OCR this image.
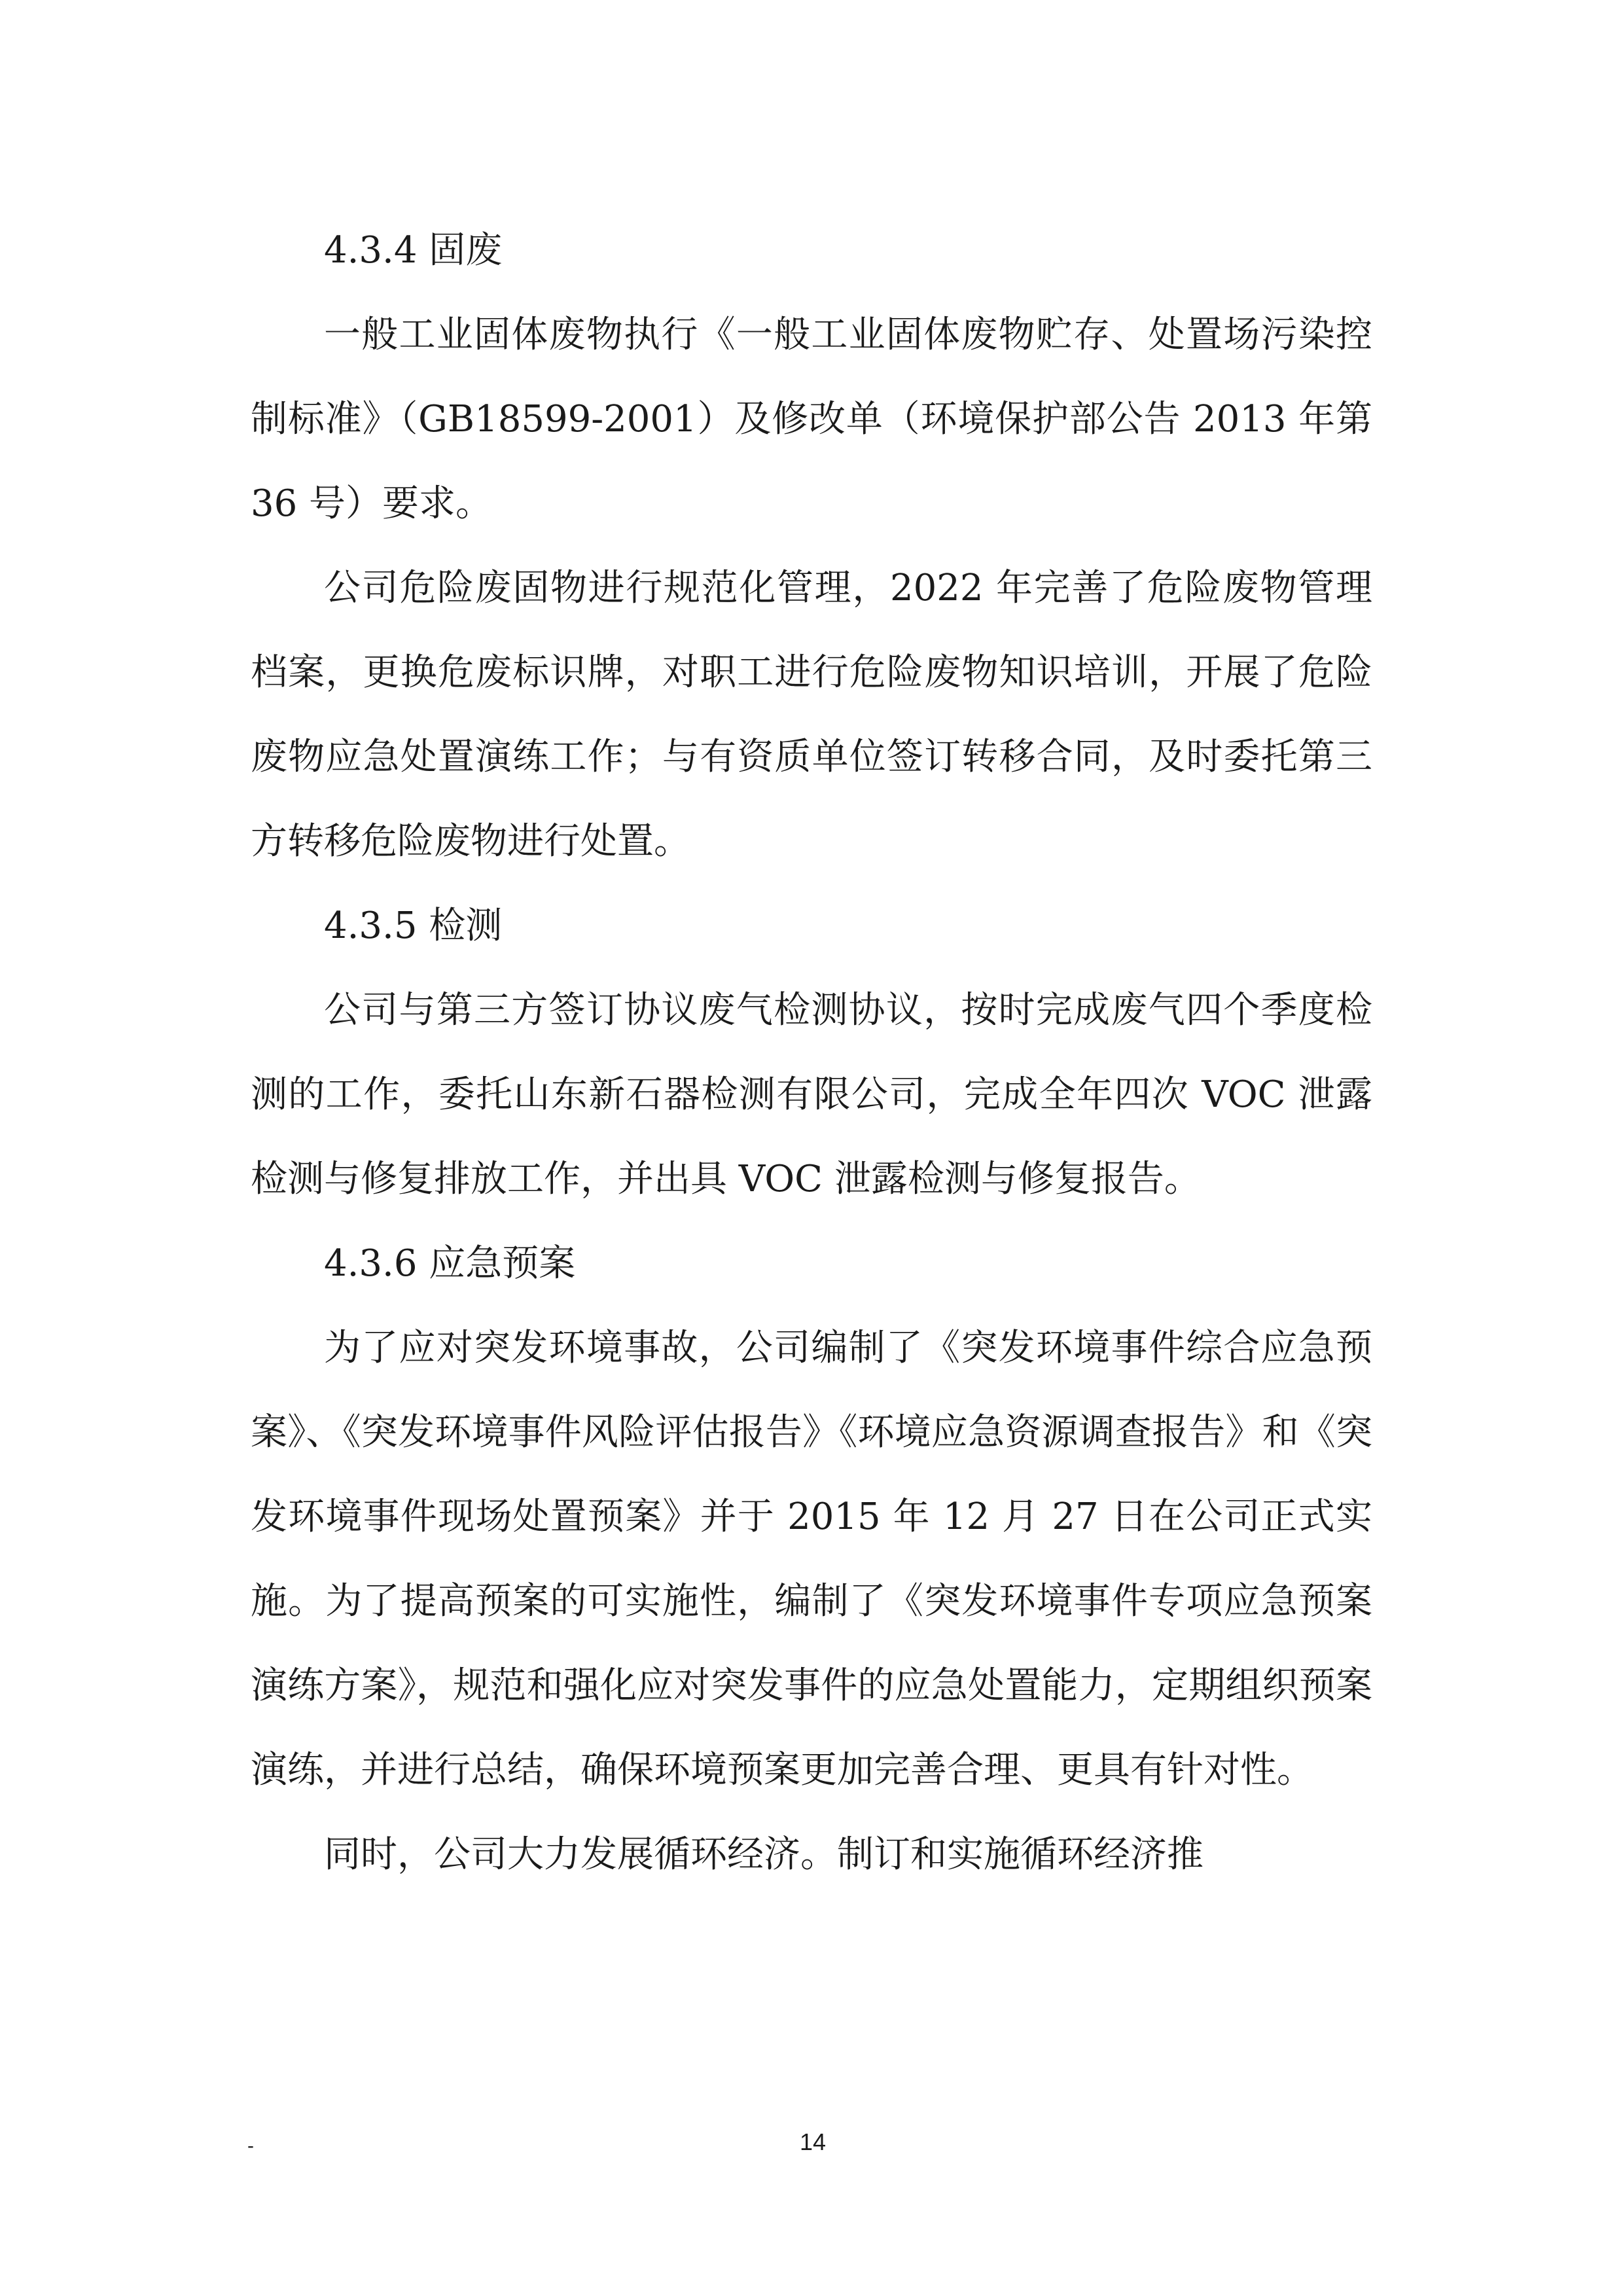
4.3.4 固废

一般工业固体废物执行《一般工业固体废物贮存、处置场污染控制标准》（GB18599-2001）及修改单（环境保护部公告 2013 年第 36 号）要求。

公司危险废固物进行规范化管理，2022 年完善了危险废物管理档案，更换危废标识牌，对职工进行危险废物知识培训，开展了危险废物应急处置演练工作；与有资质单位签订转移合同，及时委托第三方转移危险废物进行处置。

4.3.5 检测

公司与第三方签订协议废气检测协议，按时完成废气四个季度检测的工作，委托山东新石器检测有限公司，完成全年四次 VOC 泄露检测与修复排放工作，并出具 VOC 泄露检测与修复报告。

4.3.6 应急预案

为了应对突发环境事故，公司编制了《突发环境事件综合应急预案》、《突发环境事件风险评估报告》《环境应急资源调查报告》和《突发环境事件现场处置预案》并于 2015 年 12 月 27 日在公司正式实施。为了提高预案的可实施性，编制了《突发环境事件专项应急预案演练方案》，规范和强化应对突发事件的应急处置能力，定期组织预案演练，并进行总结，确保环境预案更加完善合理、更具有针对性。

同时，公司大力发展循环经济。制订和实施循环经济推

-	14
